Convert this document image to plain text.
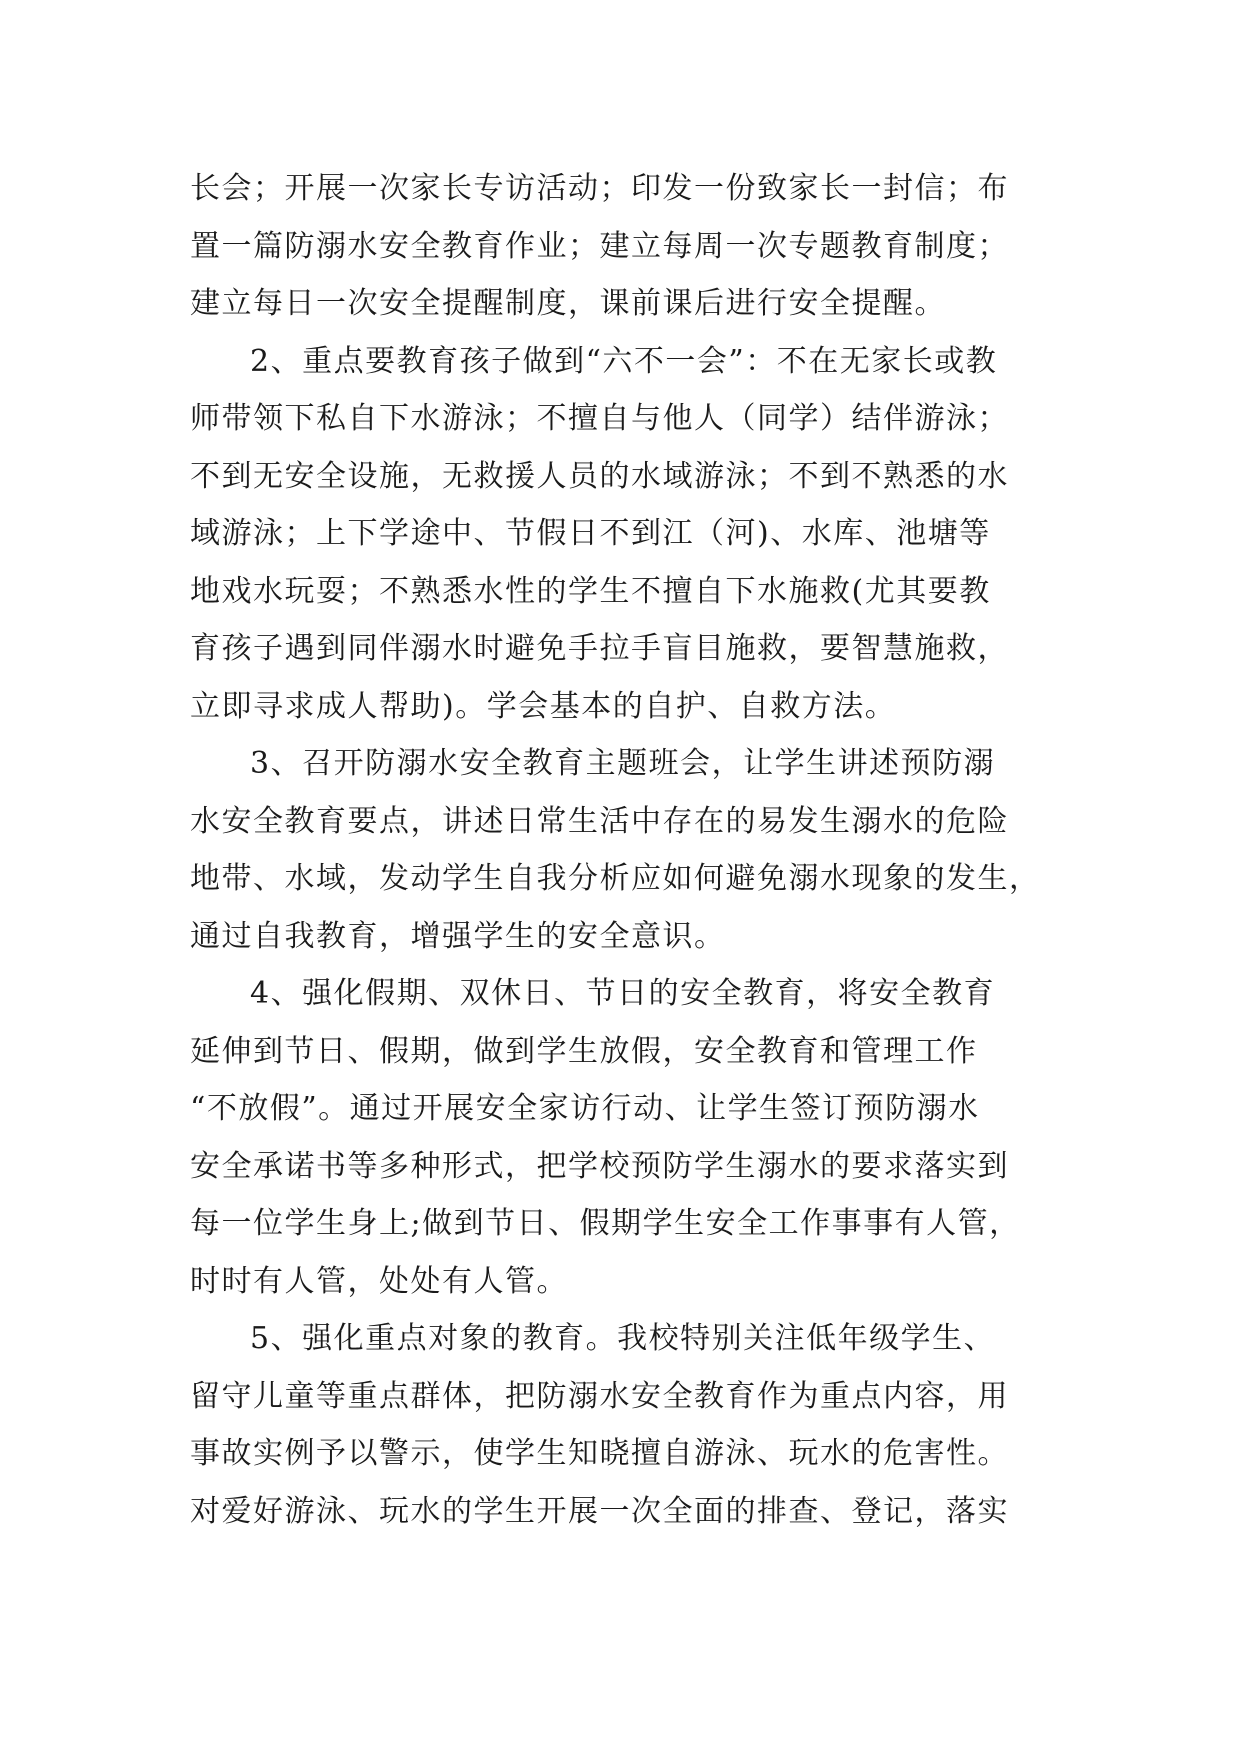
长会；开展一次家长专访活动；印发一份致家长一封信；布
置一篇防溺水安全教育作业；建立每周一次专题教育制度；
建立每日一次安全提醒制度，课前课后进行安全提醒。
2、重点要教育孩子做到“六不一会”：不在无家长或教
师带领下私自下水游泳；不擅自与他人（同学）结伴游泳；
不到无安全设施，无救援人员的水域游泳；不到不熟悉的水
域游泳；上下学途中、节假日不到江（河)、水库、池塘等
地戏水玩耍；不熟悉水性的学生不擅自下水施救(尤其要教
育孩子遇到同伴溺水时避免手拉手盲目施救，要智慧施救，
立即寻求成人帮助)。学会基本的自护、自救方法。
3、召开防溺水安全教育主题班会，让学生讲述预防溺
水安全教育要点，讲述日常生活中存在的易发生溺水的危险
地带、水域，发动学生自我分析应如何避免溺水现象的发生，
通过自我教育，增强学生的安全意识。
4、强化假期、双休日、节日的安全教育，将安全教育
延伸到节日、假期，做到学生放假，安全教育和管理工作
“不放假”。通过开展安全家访行动、让学生签订预防溺水
安全承诺书等多种形式，把学校预防学生溺水的要求落实到
每一位学生身上;做到节日、假期学生安全工作事事有人管，
时时有人管，处处有人管。
5、强化重点对象的教育。我校特别关注低年级学生、
留守儿童等重点群体，把防溺水安全教育作为重点内容，用
事故实例予以警示，使学生知晓擅自游泳、玩水的危害性。
对爱好游泳、玩水的学生开展一次全面的排查、登记，落实
